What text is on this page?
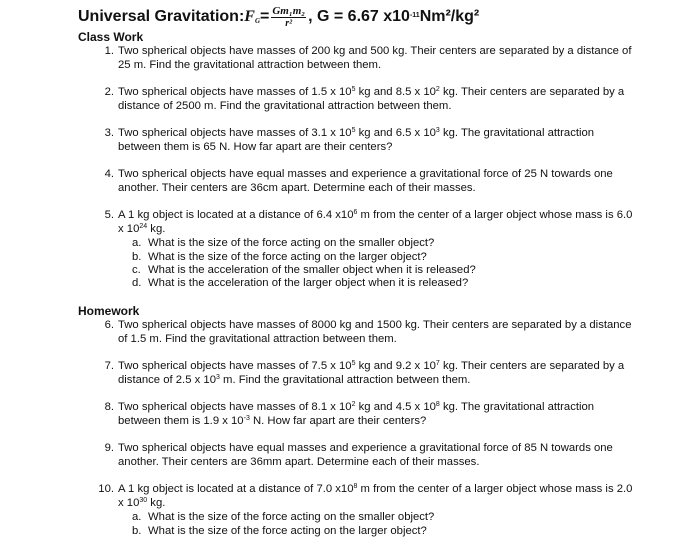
Universal Gravitation: $F_G = \frac{\text{Gm₁m₂}}{\text{r²}}$ , G = 6.67 $x10^{-11}$ Nm²/kg²
Class Work
1. Two spherical objects have masses of 200 kg and 500 kg. Their centers are separated by a distance of 25 m. Find the gravitational attraction between them.
2. Two spherical objects have masses of 1.5 x $10^5$ kg and 8.5 x $10^2$ kg. Their centers are separated by a distance of 2500 m. Find the gravitational attraction between them.
3. Two spherical objects have masses of 3.1 x $10^5$ kg and 6.5 x $10^3$ kg. The gravitational attraction between them is 65 N. How far apart are their centers?
4. Two spherical objects have equal masses and experience a gravitational force of 25 N towards one another. Their centers are 36cm apart. Determine each of their masses.
5. A 1 kg object is located at a distance of 6.4 $x10^6$ m from the center of a larger object whose mass is 6.0 x $10^{24}$ kg.
a. What is the size of the force acting on the smaller object?
b. What is the size of the force acting on the larger object?
c. What is the acceleration of the smaller object when it is released?
d. What is the acceleration of the larger object when it is released?
Homework
6. Two spherical objects have masses of 8000 kg and 1500 kg. Their centers are separated by a distance of 1.5 m. Find the gravitational attraction between them.
7. Two spherical objects have masses of 7.5 x $10^5$ kg and 9.2 x $10^7$ kg. Their centers are separated by a distance of 2.5 x $10^3$ m. Find the gravitational attraction between them.
8. Two spherical objects have masses of 8.1 x $10^2$ kg and 4.5 x $10^8$ kg. The gravitational attraction between them is 1.9 x $10^{-3}$ N. How far apart are their centers?
9. Two spherical objects have equal masses and experience a gravitational force of 85 N towards one another. Their centers are 36mm apart. Determine each of their masses.
10. A 1 kg object is located at a distance of 7.0 $x10^8$ m from the center of a larger object whose mass is 2.0 x $10^{30}$ kg.
a. What is the size of the force acting on the smaller object?
b. What is the size of the force acting on the larger object?
